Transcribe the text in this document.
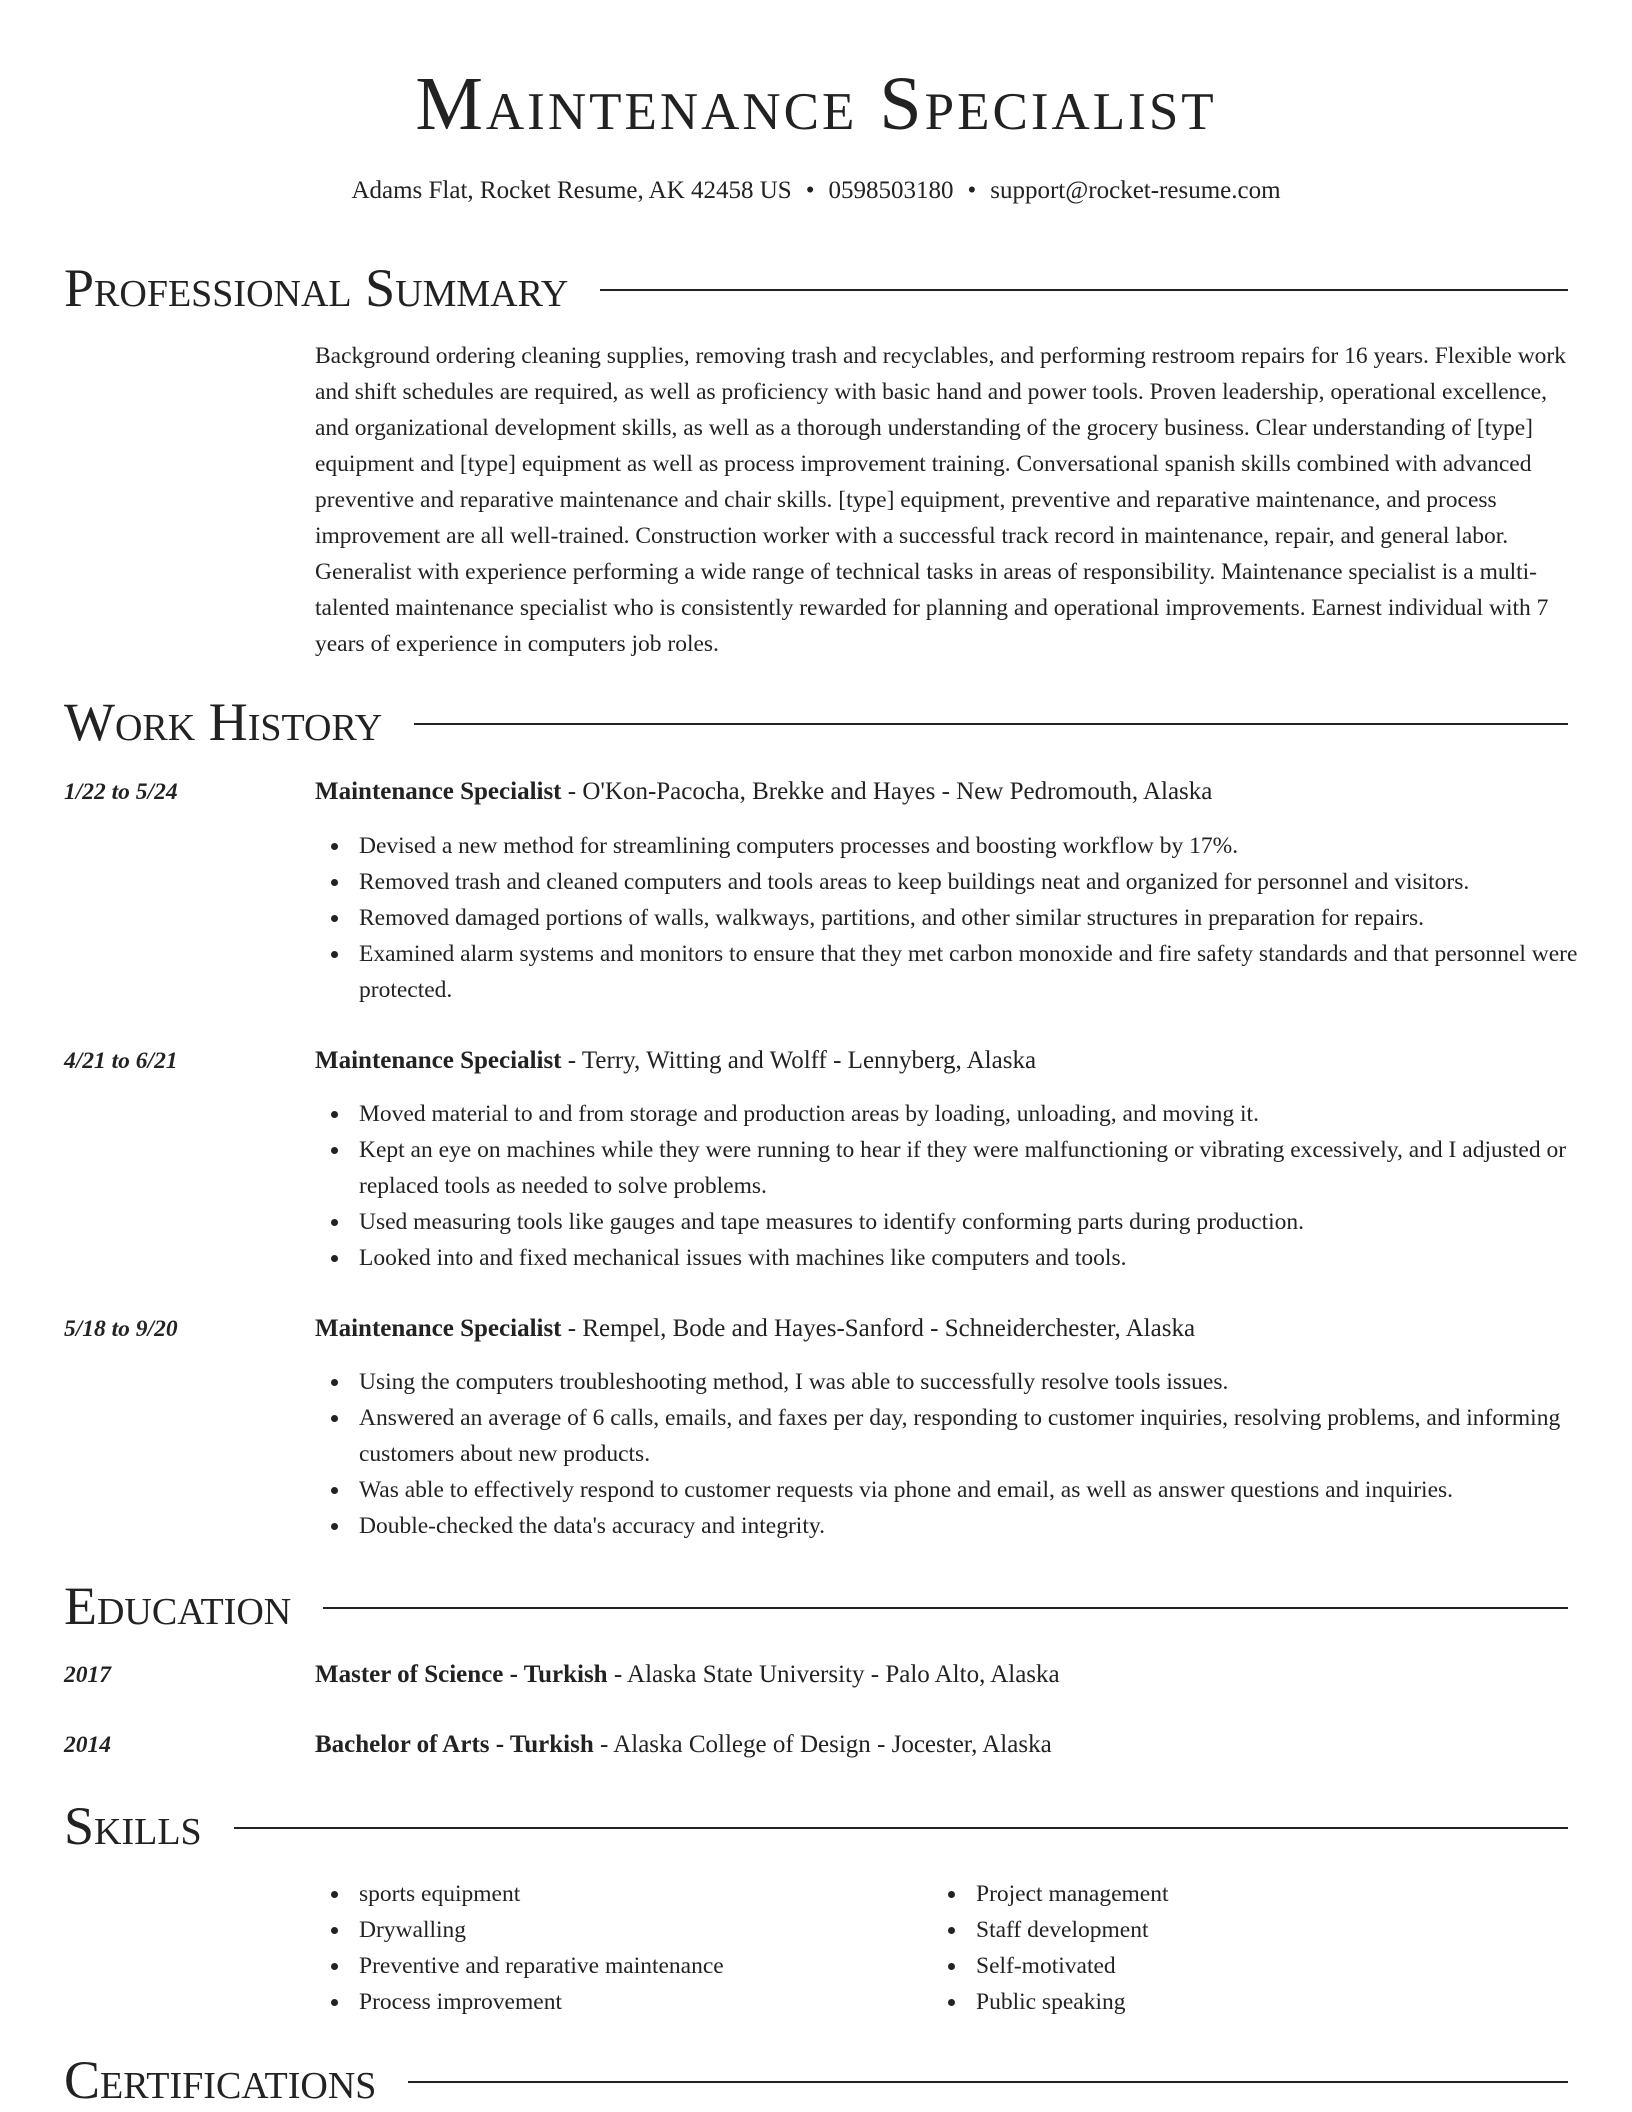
Maintenance Specialist
Adams Flat, Rocket Resume, AK 42458 US • 0598503180 • support@rocket-resume.com
Professional Summary
Background ordering cleaning supplies, removing trash and recyclables, and performing restroom repairs for 16 years. Flexible work and shift schedules are required, as well as proficiency with basic hand and power tools. Proven leadership, operational excellence, and organizational development skills, as well as a thorough understanding of the grocery business. Clear understanding of [type] equipment and [type] equipment as well as process improvement training. Conversational spanish skills combined with advanced preventive and reparative maintenance and chair skills. [type] equipment, preventive and reparative maintenance, and process improvement are all well-trained. Construction worker with a successful track record in maintenance, repair, and general labor. Generalist with experience performing a wide range of technical tasks in areas of responsibility. Maintenance specialist is a multi-talented maintenance specialist who is consistently rewarded for planning and operational improvements. Earnest individual with 7 years of experience in computers job roles.
Work History
1/22 to 5/24	Maintenance Specialist - O'Kon-Pacocha, Brekke and Hayes - New Pedromouth, Alaska
Devised a new method for streamlining computers processes and boosting workflow by 17%.
Removed trash and cleaned computers and tools areas to keep buildings neat and organized for personnel and visitors.
Removed damaged portions of walls, walkways, partitions, and other similar structures in preparation for repairs.
Examined alarm systems and monitors to ensure that they met carbon monoxide and fire safety standards and that personnel were protected.
4/21 to 6/21	Maintenance Specialist - Terry, Witting and Wolff - Lennyberg, Alaska
Moved material to and from storage and production areas by loading, unloading, and moving it.
Kept an eye on machines while they were running to hear if they were malfunctioning or vibrating excessively, and I adjusted or replaced tools as needed to solve problems.
Used measuring tools like gauges and tape measures to identify conforming parts during production.
Looked into and fixed mechanical issues with machines like computers and tools.
5/18 to 9/20	Maintenance Specialist - Rempel, Bode and Hayes-Sanford - Schneiderchester, Alaska
Using the computers troubleshooting method, I was able to successfully resolve tools issues.
Answered an average of 6 calls, emails, and faxes per day, responding to customer inquiries, resolving problems, and informing customers about new products.
Was able to effectively respond to customer requests via phone and email, as well as answer questions and inquiries.
Double-checked the data's accuracy and integrity.
Education
2017	Master of Science - Turkish - Alaska State University - Palo Alto, Alaska
2014	Bachelor of Arts - Turkish - Alaska College of Design - Jocester, Alaska
Skills
sports equipment
Drywalling
Preventive and reparative maintenance
Process improvement
Project management
Staff development
Self-motivated
Public speaking
Certifications
